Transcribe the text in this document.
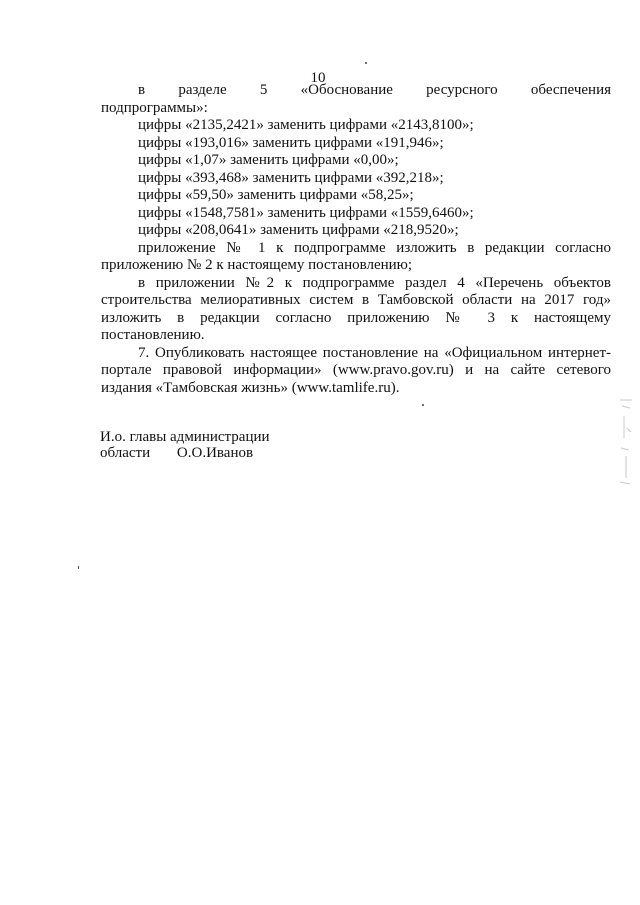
10
в разделе 5 «Обоснование ресурсного обеспечения
подпрограммы»:

цифры «2135,2421» заменить цифрами «2143,8100»;

цифры «193,016» заменить цифрами «191,946»;

цифры «1,07» заменить цифрами «0,00»;

цифры «393,468» заменить цифрами «392,218»;

цифры «59,50» заменить цифрами «58,25»;

цифры «1548,7581» заменить цифрами «1559,6460»;

цифры «208,0641» заменить цифрами «218,9520»;

приложение № 1 к подпрограмме изложить в редакции согласно
приложению № 2 к настоящему постановлению;
в приложении №2 к подпрограмме раздел 4 «Перечень объектов
строительства мелиоративных систем в Тамбовской области на 2017 год»
изложить в редакции согласно приложению № 3 к настоящему
постановлению.
7. Опубликовать настоящее постановление на «Официальном интернет-
портале правовой информации» (www.pravo.gov.ru) и на сайте сетевого
издания «Тамбовская жизнь» (www.tamlife.ru).
И.о. главы администрации
области О.О.Иванов
